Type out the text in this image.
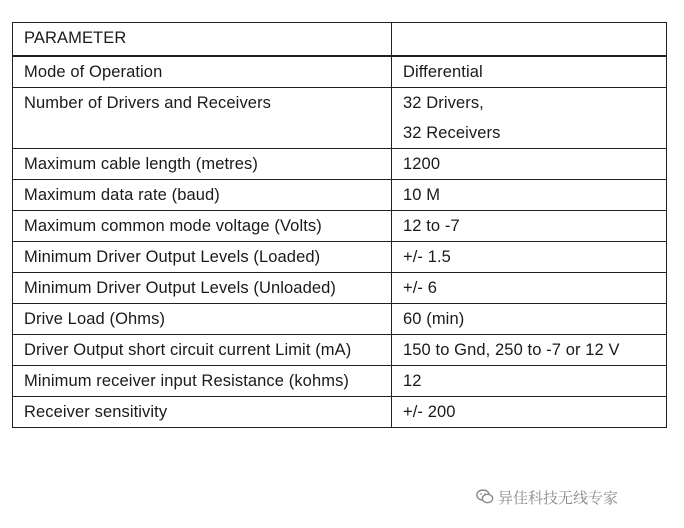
PARAMETER	
Mode of Operation	Differential
Number of Drivers and Receivers	32 Drivers,
32 Receivers

Maximum cable length (metres)	1200
Maximum data rate (baud)	10 M
Maximum common mode voltage (Volts)	12 to -7
Minimum Driver Output Levels (Loaded)	+/- 1.5
Minimum Driver Output Levels (Unloaded)	+/- 6
Drive Load (Ohms)	60 (min)
Driver Output short circuit current Limit (mA)	150 to Gnd, 250 to -7 or 12 V
Minimum receiver input Resistance (kohms)	12
Receiver sensitivity	+/- 200
异佳科技无线专家
